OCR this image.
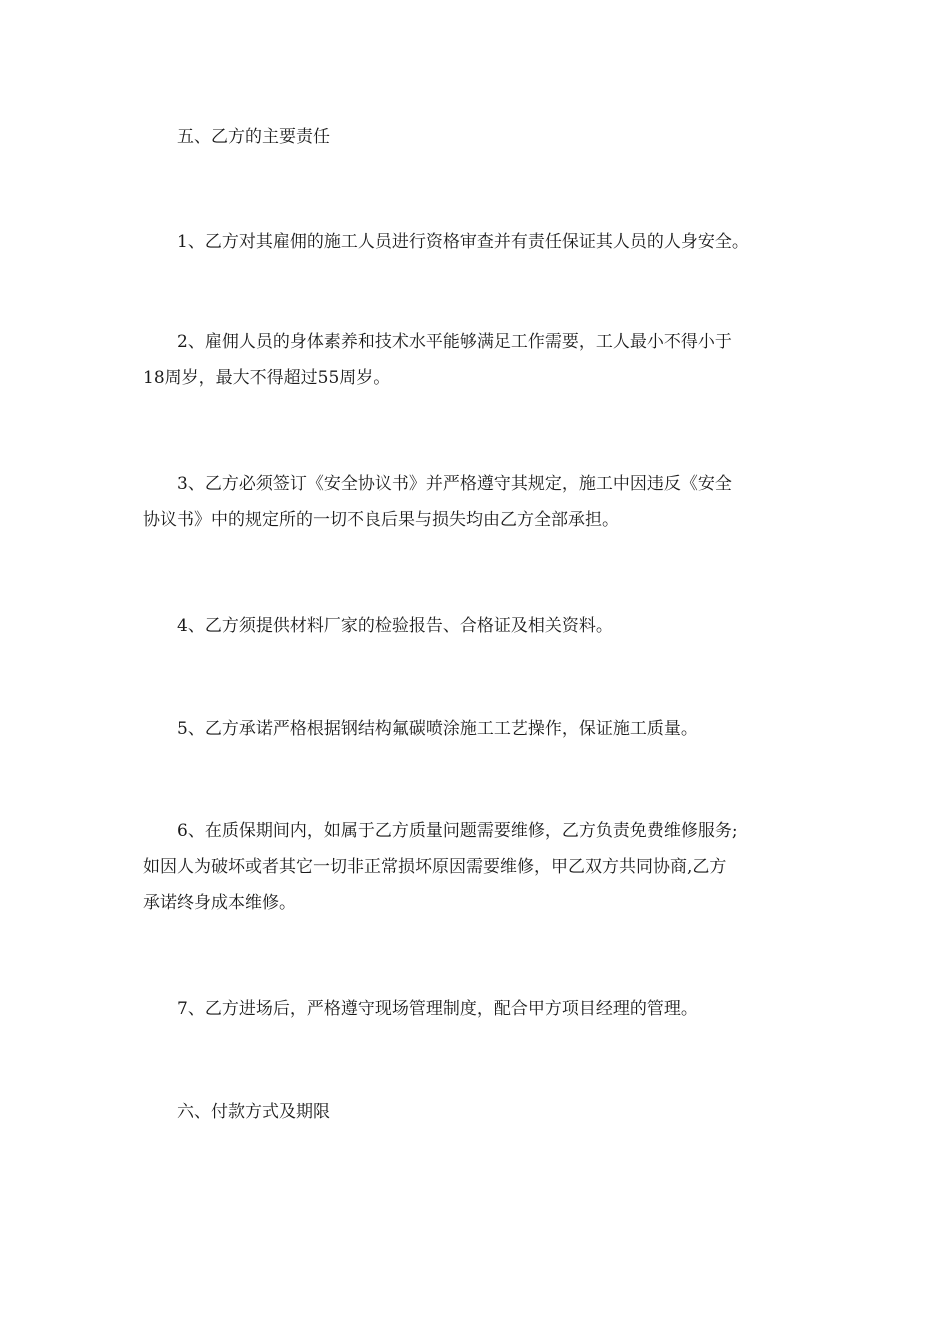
五、乙方的主要责任

1、乙方对其雇佣的施工人员进行资格审查并有责任保证其人员的人身安全。
2、雇佣人员的身体素养和技术水平能够满足工作需要，工人最小不得小于
18周岁，最大不得超过55周岁。
3、乙方必须签订《安全协议书》并严格遵守其规定，施工中因违反《安全
协议书》中的规定所的一切不良后果与损失均由乙方全部承担。
4、乙方须提供材料厂家的检验报告、合格证及相关资料。
5、乙方承诺严格根据钢结构氟碳喷涂施工工艺操作，保证施工质量。
6、在质保期间内，如属于乙方质量问题需要维修，乙方负责免费维修服务;
如因人为破坏或者其它一切非正常损坏原因需要维修，甲乙双方共同协商,乙方
承诺终身成本维修。
7、乙方进场后，严格遵守现场管理制度，配合甲方项目经理的管理。

六、付款方式及期限
